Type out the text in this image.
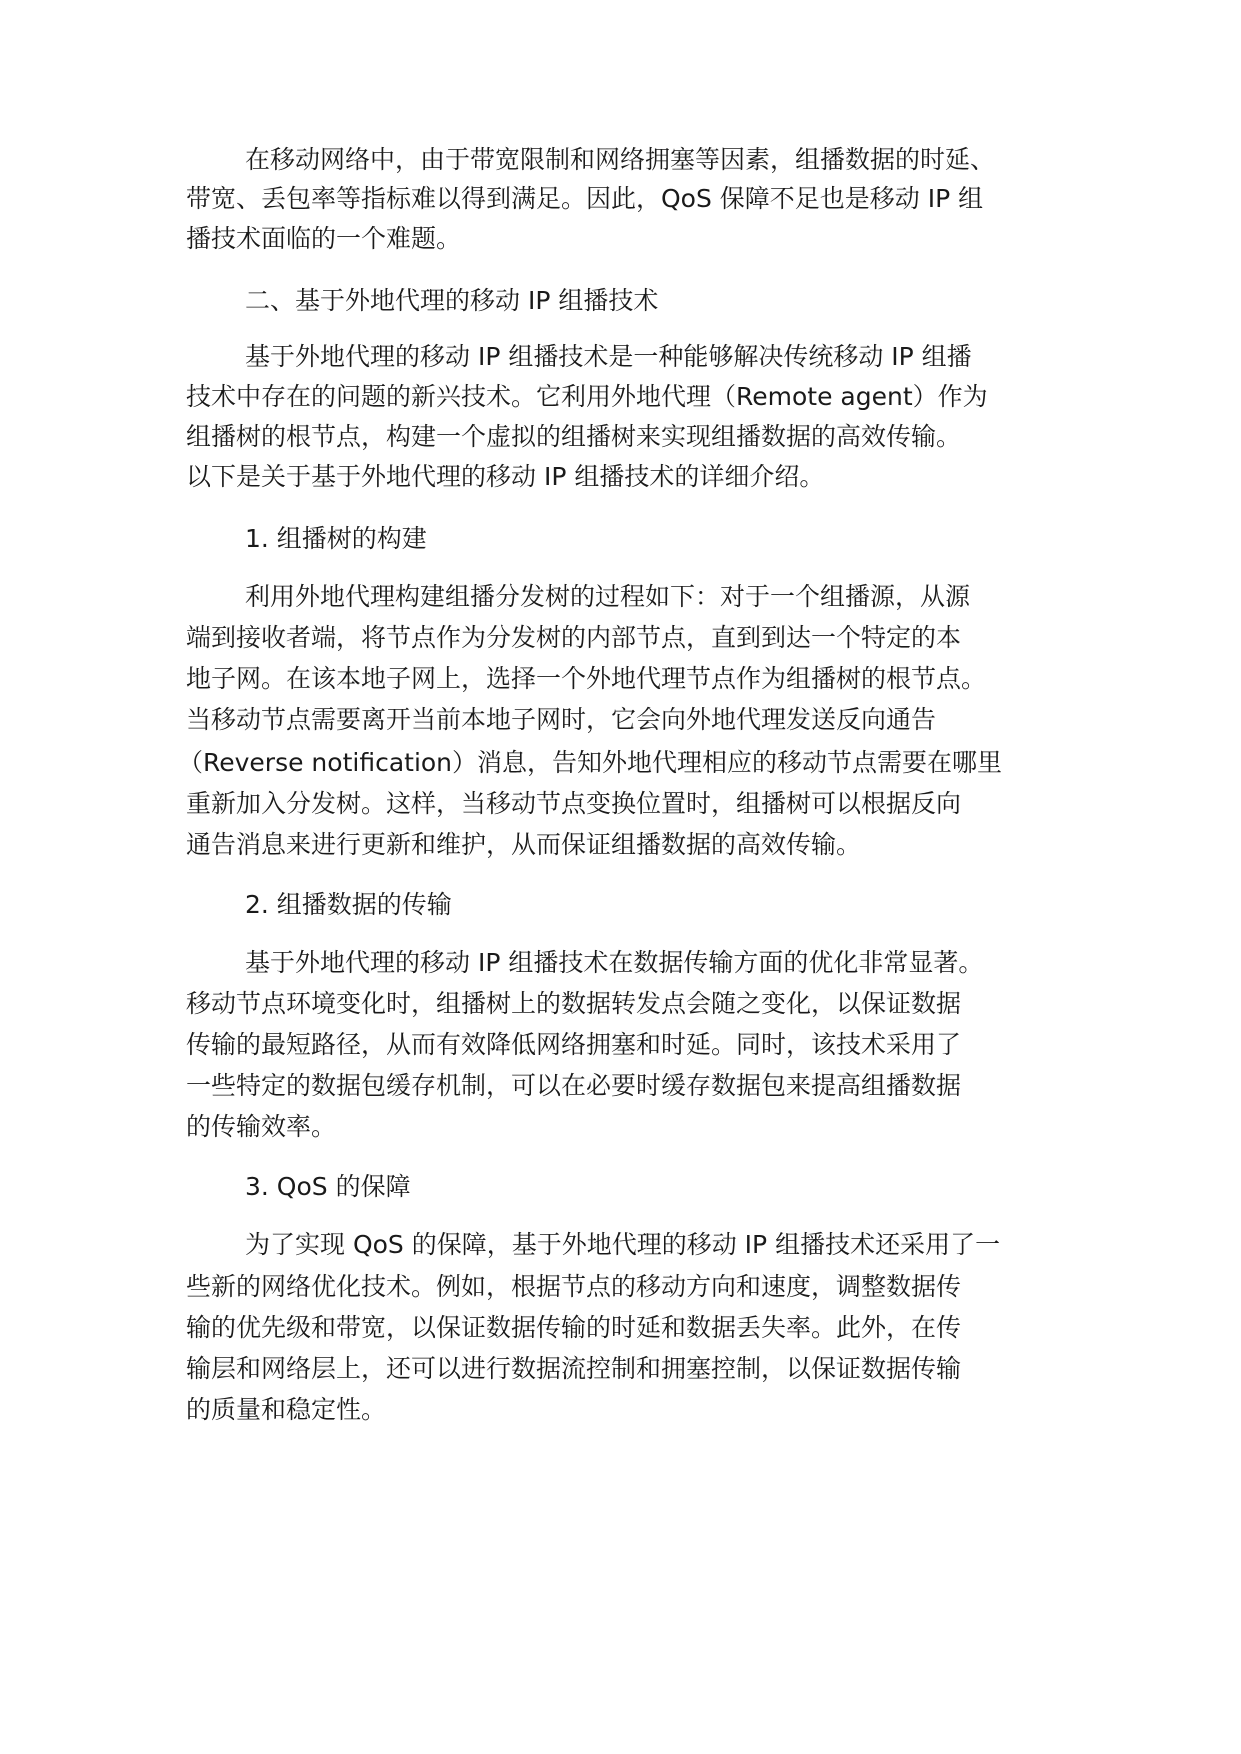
在移动网络中，由于带宽限制和网络拥塞等因素，组播数据的时延、
带宽、丢包率等指标难以得到满足。因此，QoS 保障不足也是移动 IP 组
播技术面临的一个难题。
二、基于外地代理的移动 IP 组播技术
基于外地代理的移动 IP 组播技术是一种能够解决传统移动 IP 组播
技术中存在的问题的新兴技术。它利用外地代理（Remote agent）作为
组播树的根节点，构建一个虚拟的组播树来实现组播数据的高效传输。
以下是关于基于外地代理的移动 IP 组播技术的详细介绍。
1. 组播树的构建
利用外地代理构建组播分发树的过程如下：对于一个组播源，从源
端到接收者端，将节点作为分发树的内部节点，直到到达一个特定的本
地子网。在该本地子网上，选择一个外地代理节点作为组播树的根节点。
当移动节点需要离开当前本地子网时，它会向外地代理发送反向通告
（Reverse notification）消息，告知外地代理相应的移动节点需要在哪里
重新加入分发树。这样，当移动节点变换位置时，组播树可以根据反向
通告消息来进行更新和维护，从而保证组播数据的高效传输。
2. 组播数据的传输
基于外地代理的移动 IP 组播技术在数据传输方面的优化非常显著。
移动节点环境变化时，组播树上的数据转发点会随之变化，以保证数据
传输的最短路径，从而有效降低网络拥塞和时延。同时，该技术采用了
一些特定的数据包缓存机制，可以在必要时缓存数据包来提高组播数据
的传输效率。
3. QoS 的保障
为了实现 QoS 的保障，基于外地代理的移动 IP 组播技术还采用了一
些新的网络优化技术。例如，根据节点的移动方向和速度，调整数据传
输的优先级和带宽，以保证数据传输的时延和数据丢失率。此外，在传
输层和网络层上，还可以进行数据流控制和拥塞控制，以保证数据传输
的质量和稳定性。
